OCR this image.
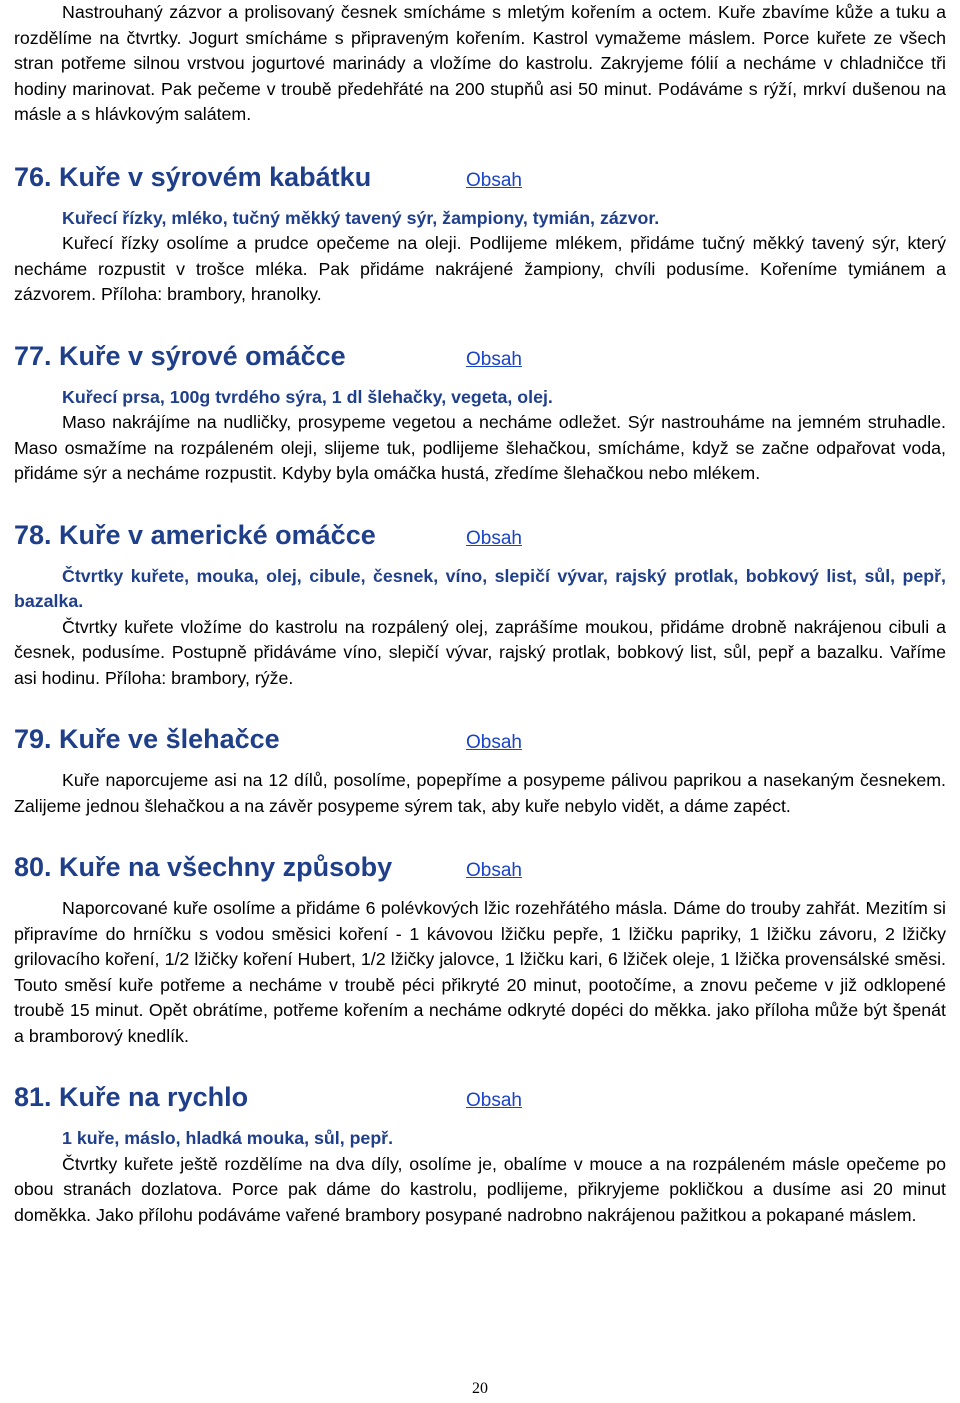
Nastrouhaný zázvor a prolisovaný česnek smícháme s mletým kořením a octem. Kuře zbavíme kůže a tuku a rozdělíme na čtvrtky. Jogurt smícháme s připraveným kořením. Kastrol vymažeme máslem. Porce kuřete ze všech stran potřeme silnou vrstvou jogurtové marinády a vložíme do kastrolu. Zakryjeme fólií a necháme v chladničce tři hodiny marinovat. Pak pečeme v troubě předehřáté na 200 stupňů asi 50 minut. Podáváme s rýží, mrkví dušenou na másle a s hlávkovým salátem.

76. Kuře v sýrovém kabátku	Obsah

Kuřecí řízky, mléko, tučný měkký tavený sýr, žampiony, tymián, zázvor.

Kuřecí řízky osolíme a prudce opečeme na oleji. Podlijeme mlékem, přidáme tučný měkký tavený sýr, který necháme rozpustit v trošce mléka. Pak přidáme nakrájené žampiony, chvíli podusíme. Kořeníme tymiánem a zázvorem. Příloha: brambory, hranolky.

77. Kuře v sýrové omáčce	Obsah

Kuřecí prsa, 100g tvrdého sýra, 1 dl šlehačky, vegeta, olej.

Maso nakrájíme na nudličky, prosypeme vegetou a necháme odležet. Sýr nastrouháme na jemném struhadle. Maso osmažíme na rozpáleném oleji, slijeme tuk, podlijeme šlehačkou, smícháme, když se začne odpařovat voda, přidáme sýr a necháme rozpustit. Kdyby byla omáčka hustá, zředíme šlehačkou nebo mlékem.

78. Kuře v americké omáčce	Obsah

Čtvrtky kuřete, mouka, olej, cibule, česnek, víno, slepičí vývar, rajský protlak, bobkový list, sůl, pepř, bazalka.

Čtvrtky kuřete vložíme do kastrolu na rozpálený olej, zaprášíme moukou, přidáme drobně nakrájenou cibuli a česnek, podusíme. Postupně přidáváme víno, slepičí vývar, rajský protlak, bobkový list, sůl, pepř a bazalku. Vaříme asi hodinu. Příloha: brambory, rýže.

79. Kuře ve šlehačce	Obsah

Kuře naporcujeme asi na 12 dílů, posolíme, popepříme a posypeme pálivou paprikou a nasekaným česnekem. Zalijeme jednou šlehačkou a na závěr posypeme sýrem tak, aby kuře nebylo vidět, a dáme zapéct.

80. Kuře na všechny způsoby	Obsah

Naporcované kuře osolíme a přidáme 6 polévkových lžic rozehřátého másla. Dáme do trouby zahřát. Mezitím si připravíme do hrníčku s vodou směsici koření - 1 kávovou lžičku pepře, 1 lžičku papriky, 1 lžičku závoru, 2 lžičky grilovacího koření, 1/2 lžičky koření Hubert, 1/2 lžičky jalovce, 1 lžičku kari, 6 lžiček oleje, 1 lžička provensálské směsi. Touto směsí kuře potřeme a necháme v troubě péci přikryté 20 minut, pootočíme, a znovu pečeme v již odklopené troubě 15 minut. Opět obrátíme, potřeme kořením a necháme odkryté dopéci do měkka. jako příloha může být špenát a bramborový knedlík.

81. Kuře na rychlo	Obsah

1 kuře, máslo, hladká mouka, sůl, pepř.

Čtvrtky kuřete ještě rozdělíme na dva díly, osolíme je, obalíme v mouce a na rozpáleném másle opečeme po obou stranách dozlatova. Porce pak dáme do kastrolu, podlijeme, přikryjeme pokličkou a dusíme asi 20 minut doměkka. Jako přílohu podáváme vařené brambory posypané nadrobno nakrájenou pažitkou a pokapané máslem.

20
